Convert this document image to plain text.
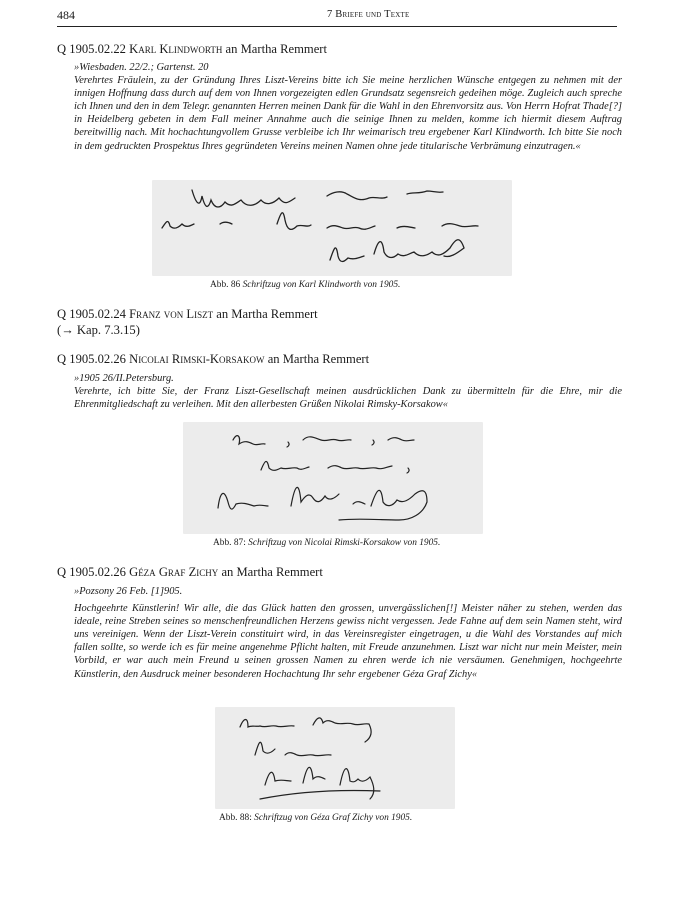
484	7 Briefe und Texte
Q 1905.02.22 Karl Klindworth an Martha Remmert
»Wiesbaden. 22/2.; Gartenst. 20
Verehrtes Fräulein, zu der Gründung Ihres Liszt-Vereins bitte ich Sie meine herzlichen Wünsche entgegen zu nehmen mit der innigen Hoffnung dass durch auf dem von Ihnen vorgezeigten edlen Grundsatz segensreich gedeihen möge. Zugleich auch spreche ich Ihnen und den in dem Telegr. genannten Herren meinen Dank für die Wahl in den Ehrenvorsitz aus. Von Herrn Hofrat Thade[?] in Heidelberg gebeten in dem Fall meiner Annahme auch die seinige Ihnen zu melden, komme ich hiermit diesem Auftrag bereitwillig nach. Mit hochachtungvollem Grusse verbleibe ich Ihr weimarisch treu ergebener Karl Klindworth. Ich bitte Sie noch in dem gedruckten Prospektus Ihres gegründeten Vereins meinen Namen ohne jede titularische Verbrämung einzutragen.«
Abb. 86 Schriftzug von Karl Klindworth von 1905.
Q 1905.02.24 Franz von Liszt an Martha Remmert
(→ Kap. 7.3.15)
Q 1905.02.26 Nicolai Rimski-Korsakow an Martha Remmert
»1905 26/II.Petersburg.
Verehrte, ich bitte Sie, der Franz Liszt-Gesellschaft meinen ausdrücklichen Dank zu übermitteln für die Ehre, mir die Ehrenmitgliedschaft zu verleihen. Mit den allerbesten Grüßen Nikolai Rimsky-Korsakow«
Abb. 87: Schriftzug von Nicolai Rimski-Korsakow von 1905.
Q 1905.02.26 Géza Graf Zichy an Martha Remmert
»Pozsony 26 Feb. [1]905.
Hochgeehrte Künstlerin! Wir alle, die das Glück hatten den grossen, unvergässlichen[!] Meister näher zu stehen, werden das ideale, reine Streben seines so menschenfreundlichen Herzens gewiss nicht vergessen. Jede Fahne auf dem sein Namen steht, wird uns vereinigen. Wenn der Liszt-Verein constituirt wird, in das Vereinsregister eingetragen, u die Wahl des Vorstandes auf mich fallen sollte, so werde ich es für meine angenehme Pflicht halten, mit Freude anzunehmen. Liszt war nicht nur mein Meister, mein Vorbild, er war auch mein Freund u seinen grossen Namen zu ehren werde ich nie versäumen. Genehmigen, hochgeehrte Künstlerin, den Ausdruck meiner besonderen Hochachtung Ihr sehr ergebener Géza Graf Zichy«
Abb. 88: Schriftzug von Géza Graf Zichy von 1905.
